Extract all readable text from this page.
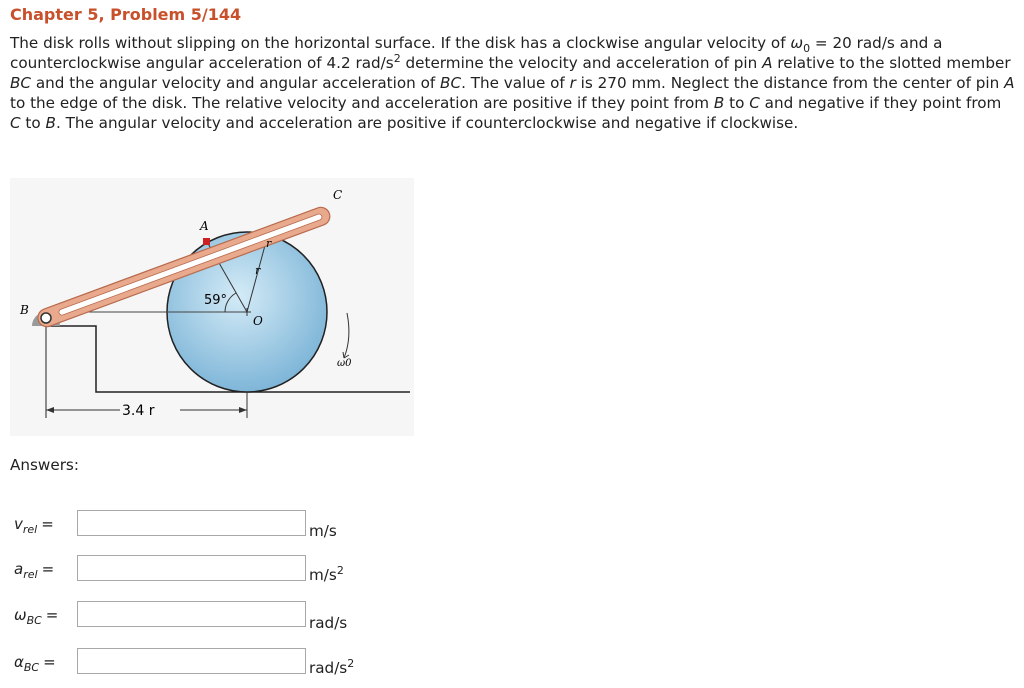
Chapter 5, Problem 5/144
The disk rolls without slipping on the horizontal surface. If the disk has a clockwise angular velocity of $\omega_0 = 20$ rad/s and a counterclockwise angular acceleration of 4.2 rad/$s^2$ determine the velocity and acceleration of pin A relative to the slotted member BC and the angular velocity and angular acceleration of BC. The value of r is 270 mm. Neglect the distance from the center of pin A to the edge of the disk. The relative velocity and acceleration are positive if they point from B to C and negative if they point from C to B. The angular velocity and acceleration are positive if counterclockwise and negative if clockwise.
A
B
C
O
r
r
59°
ω0
3.4 r
Answers:
$v_{rel}$ =	m/s
$a_{rel}$ =	$m/s^2$
$\omega_{BC}$ =	rad/s
$\alpha_{BC}$ =	rad/$s^2$
